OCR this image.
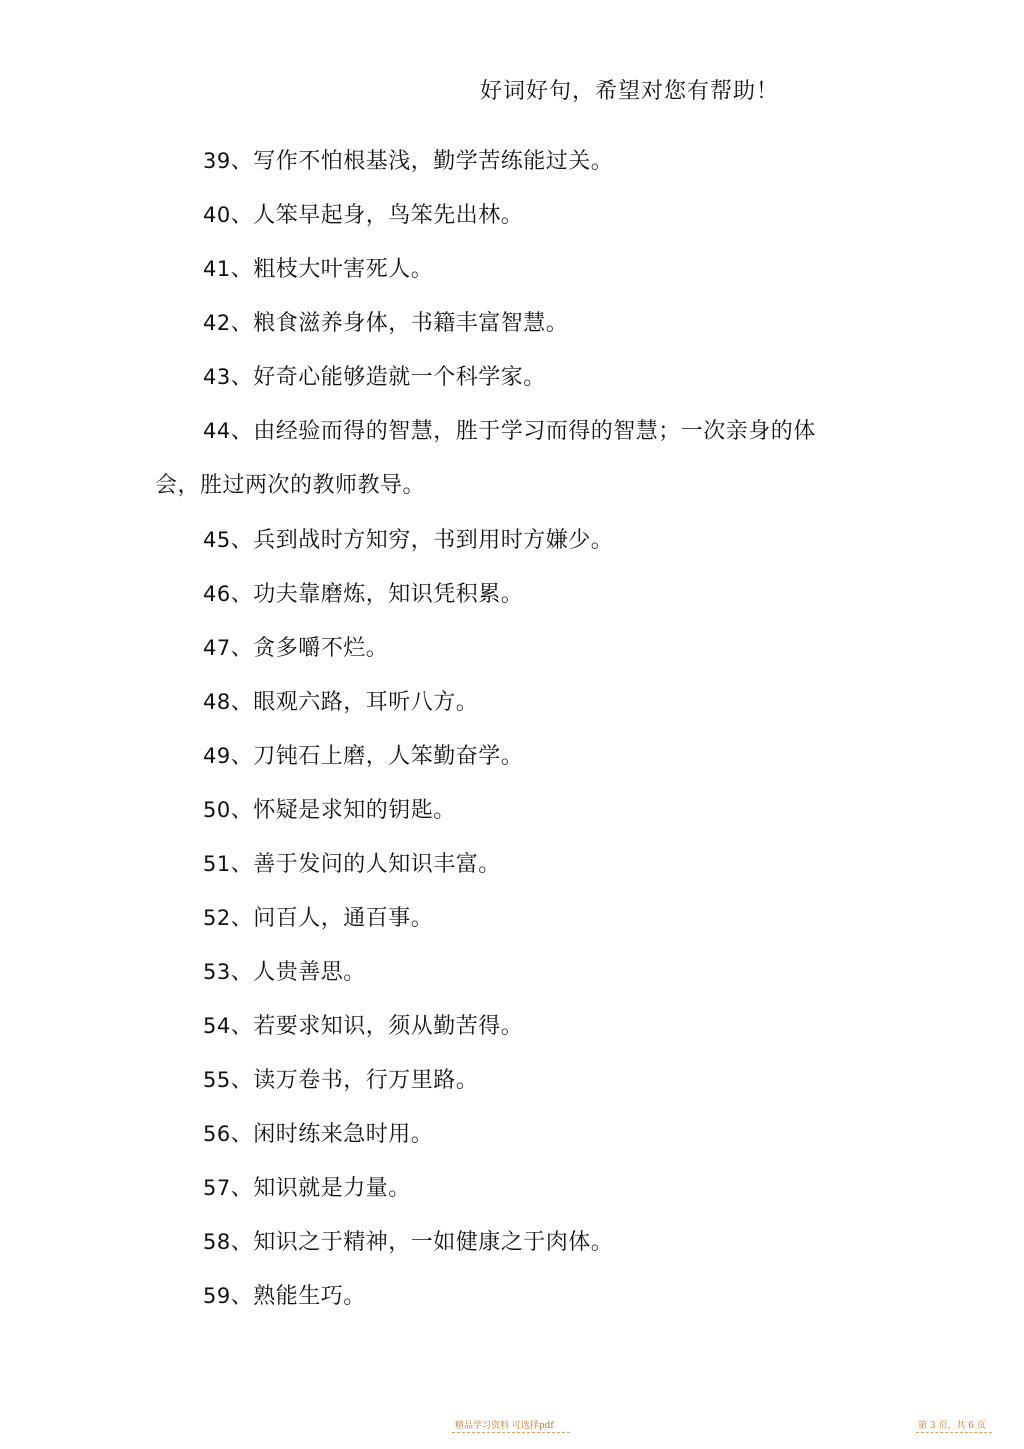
好词好句，希望对您有帮助！
39、写作不怕根基浅，勤学苦练能过关。
40、人笨早起身，鸟笨先出林。
41、粗枝大叶害死人。
42、粮食滋养身体，书籍丰富智慧。
43、好奇心能够造就一个科学家。
44、由经验而得的智慧，胜于学习而得的智慧；一次亲身的体
会，胜过两次的教师教导。
45、兵到战时方知穷，书到用时方嫌少。
46、功夫靠磨炼，知识凭积累。
47、贪多嚼不烂。
48、眼观六路，耳听八方。
49、刀钝石上磨，人笨勤奋学。
50、怀疑是求知的钥匙。
51、善于发问的人知识丰富。
52、问百人，通百事。
53、人贵善思。
54、若要求知识，须从勤苦得。
55、读万卷书，行万里路。
56、闲时练来急时用。
57、知识就是力量。
58、知识之于精神，一如健康之于肉体。
59、熟能生巧。
精品学习资料 可选择pdf	第 3 页，共 6 页
